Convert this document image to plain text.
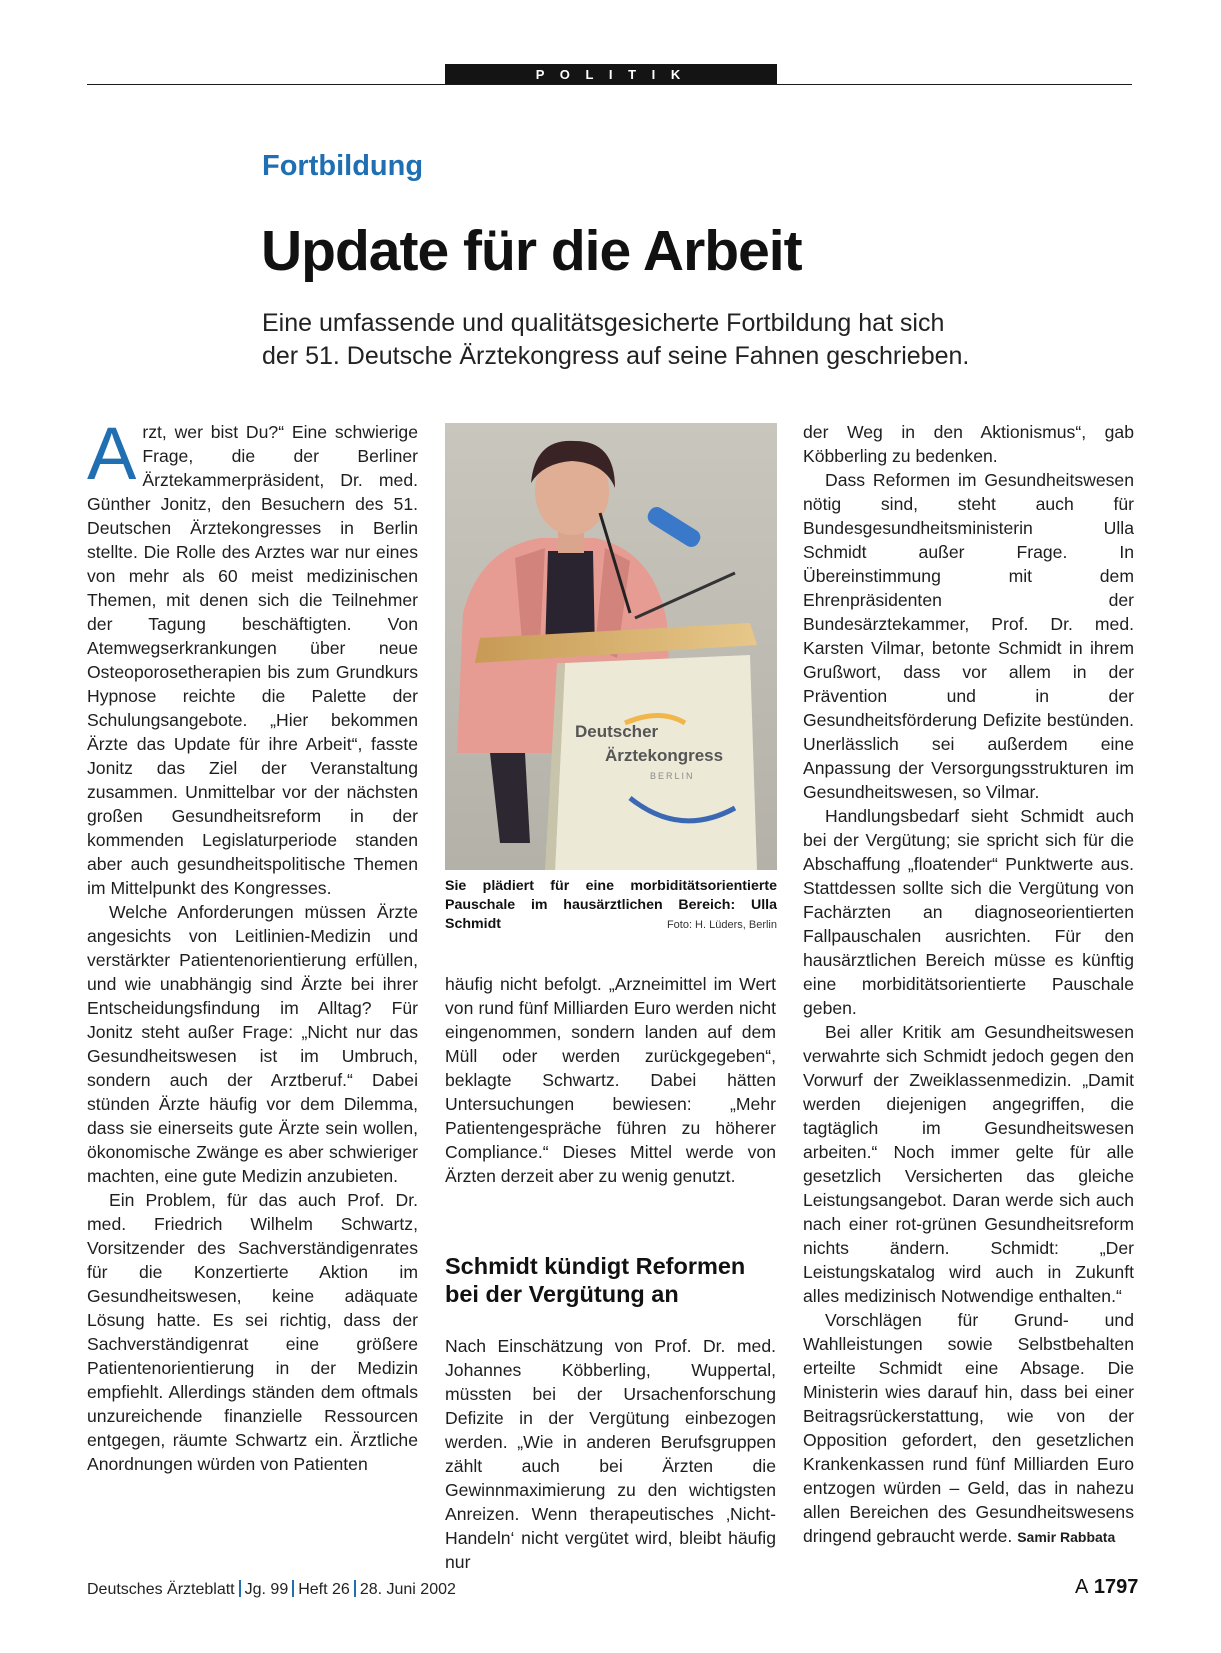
P O L I T I K
Fortbildung
Update für die Arbeit
Eine umfassende und qualitätsgesicherte Fortbildung hat sich der 51. Deutsche Ärztekongress auf seine Fahnen geschrieben.

Arzt, wer bist Du?“ Eine schwierige Frage, die der Berliner Ärztekammerpräsident, Dr. med. Günther Jonitz, den Besuchern des 51. Deutschen Ärztekongresses in Berlin stellte. Die Rolle des Arztes war nur eines von mehr als 60 meist medizinischen Themen, mit denen sich die Teilnehmer der Tagung beschäftigten. Von Atemwegserkrankungen über neue Osteoporosetherapien bis zum Grundkurs Hypnose reichte die Palette der Schulungsangebote. „Hier bekommen Ärzte das Update für ihre Arbeit“, fasste Jonitz das Ziel der Veranstaltung zusammen. Unmittelbar vor der nächsten großen Gesundheitsreform in der kommenden Legislaturperiode standen aber auch gesundheitspolitische Themen im Mittelpunkt des Kongresses.

Welche Anforderungen müssen Ärzte angesichts von Leitlinien-Medizin und verstärkter Patientenorientierung erfüllen, und wie unabhängig sind Ärzte bei ihrer Entscheidungsfindung im Alltag? Für Jonitz steht außer Frage: „Nicht nur das Gesundheitswesen ist im Umbruch, sondern auch der Arztberuf.“ Dabei stünden Ärzte häufig vor dem Dilemma, dass sie einerseits gute Ärzte sein wollen, ökonomische Zwänge es aber schwieriger machten, eine gute Medizin anzubieten.

Ein Problem, für das auch Prof. Dr. med. Friedrich Wilhelm Schwartz, Vorsitzender des Sachverständigenrates für die Konzertierte Aktion im Gesundheitswesen, keine adäquate Lösung hatte. Es sei richtig, dass der Sachverständigenrat eine größere Patientenorientierung in der Medizin empfiehlt. Allerdings ständen dem oftmals unzureichende finanzielle Ressourcen entgegen, räumte Schwartz ein. Ärztliche Anordnungen würden von Patienten

Deutscher
Ärztekongress
BERLIN
Sie plädiert für eine morbiditätsorientierte Pauschale im hausärztlichen Bereich: Ulla Schmidt	Foto: H. Lüders, Berlin

häufig nicht befolgt. „Arzneimittel im Wert von rund fünf Milliarden Euro werden nicht eingenommen, sondern landen auf dem Müll oder werden zurückgegeben“, beklagte Schwartz. Dabei hätten Untersuchungen bewiesen: „Mehr Patientengespräche führen zu höherer Compliance.“ Dieses Mittel werde von Ärzten derzeit aber zu wenig genutzt.

Schmidt kündigt Reformen bei der Vergütung an

Nach Einschätzung von Prof. Dr. med. Johannes Köbberling, Wuppertal, müssten bei der Ursachenforschung Defizite in der Vergütung einbezogen werden. „Wie in anderen Berufsgruppen zählt auch bei Ärzten die Gewinnmaximierung zu den wichtigsten Anreizen. Wenn therapeutisches ‚Nicht-Handeln‘ nicht vergütet wird, bleibt häufig nur

der Weg in den Aktionismus“, gab Köbberling zu bedenken.

Dass Reformen im Gesundheitswesen nötig sind, steht auch für Bundesgesundheitsministerin Ulla Schmidt außer Frage. In Übereinstimmung mit dem Ehrenpräsidenten der Bundesärztekammer, Prof. Dr. med. Karsten Vilmar, betonte Schmidt in ihrem Grußwort, dass vor allem in der Prävention und in der Gesundheitsförderung Defizite bestünden. Unerlässlich sei außerdem eine Anpassung der Versorgungsstrukturen im Gesundheitswesen, so Vilmar.

Handlungsbedarf sieht Schmidt auch bei der Vergütung; sie spricht sich für die Abschaffung „floatender“ Punktwerte aus. Stattdessen sollte sich die Vergütung von Fachärzten an diagnoseorientierten Fallpauschalen ausrichten. Für den hausärztlichen Bereich müsse es künftig eine morbiditätsorientierte Pauschale geben.

Bei aller Kritik am Gesundheitswesen verwahrte sich Schmidt jedoch gegen den Vorwurf der Zweiklassenmedizin. „Damit werden diejenigen angegriffen, die tagtäglich im Gesundheitswesen arbeiten.“ Noch immer gelte für alle gesetzlich Versicherten das gleiche Leistungsangebot. Daran werde sich auch nach einer rot-grünen Gesundheitsreform nichts ändern. Schmidt: „Der Leistungskatalog wird auch in Zukunft alles medizinisch Notwendige enthalten.“

Vorschlägen für Grund- und Wahlleistungen sowie Selbstbehalten erteilte Schmidt eine Absage. Die Ministerin wies darauf hin, dass bei einer Beitragsrückerstattung, wie von der Opposition gefordert, den gesetzlichen Krankenkassen rund fünf Milliarden Euro entzogen würden – Geld, das in nahezu allen Bereichen des Gesundheitswesens dringend gebraucht werde. Samir Rabbata

Deutsches Ärzteblatt Jg. 99 Heft 26 28. Juni 2002	A 1797
